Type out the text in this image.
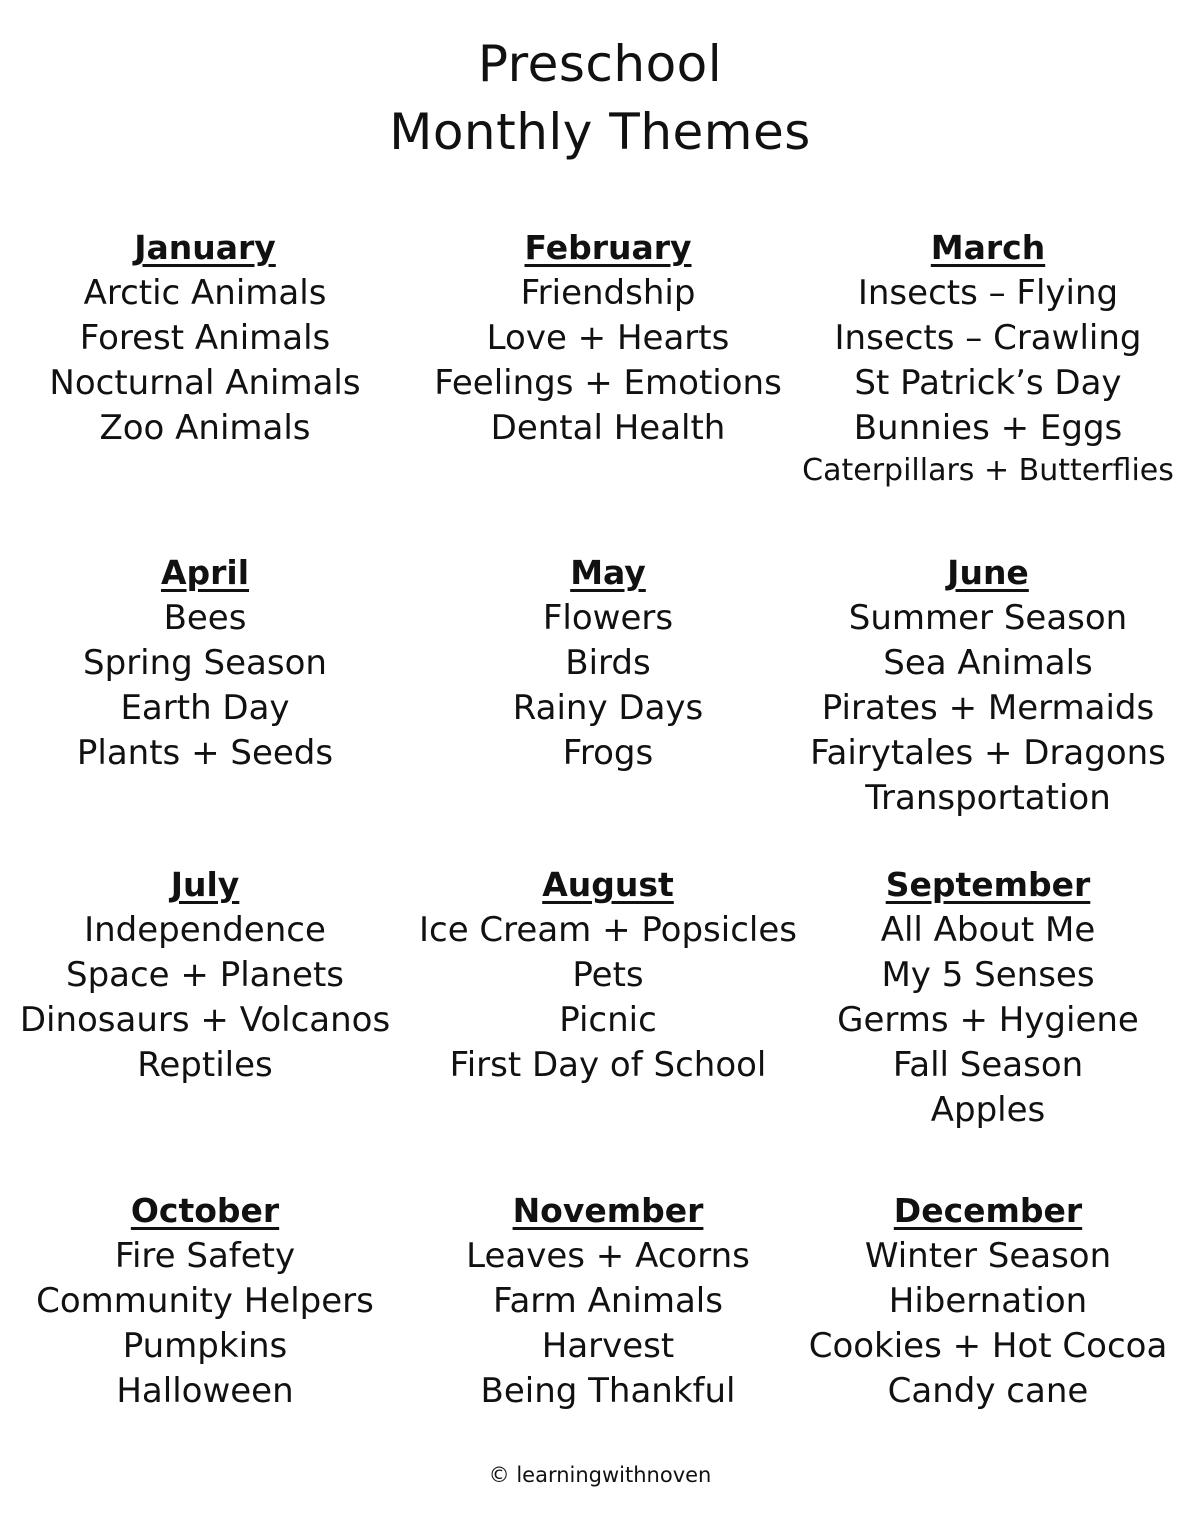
Preschool
Monthly Themes
January
Arctic Animals
Forest Animals
Nocturnal Animals
Zoo Animals
February
Friendship
Love + Hearts
Feelings + Emotions
Dental Health
March
Insects – Flying
Insects – Crawling
St Patrick’s Day
Bunnies + Eggs
Caterpillars + Butterflies
April
Bees
Spring Season
Earth Day
Plants + Seeds
May
Flowers
Birds
Rainy Days
Frogs
June
Summer Season
Sea Animals
Pirates + Mermaids
Fairytales + Dragons
Transportation
July
Independence
Space + Planets
Dinosaurs + Volcanos
Reptiles
August
Ice Cream + Popsicles
Pets
Picnic
First Day of School
September
All About Me
My 5 Senses
Germs + Hygiene
Fall Season
Apples
October
Fire Safety
Community Helpers
Pumpkins
Halloween
November
Leaves + Acorns
Farm Animals
Harvest
Being Thankful
December
Winter Season
Hibernation
Cookies + Hot Cocoa
Candy cane
© learningwithnoven
